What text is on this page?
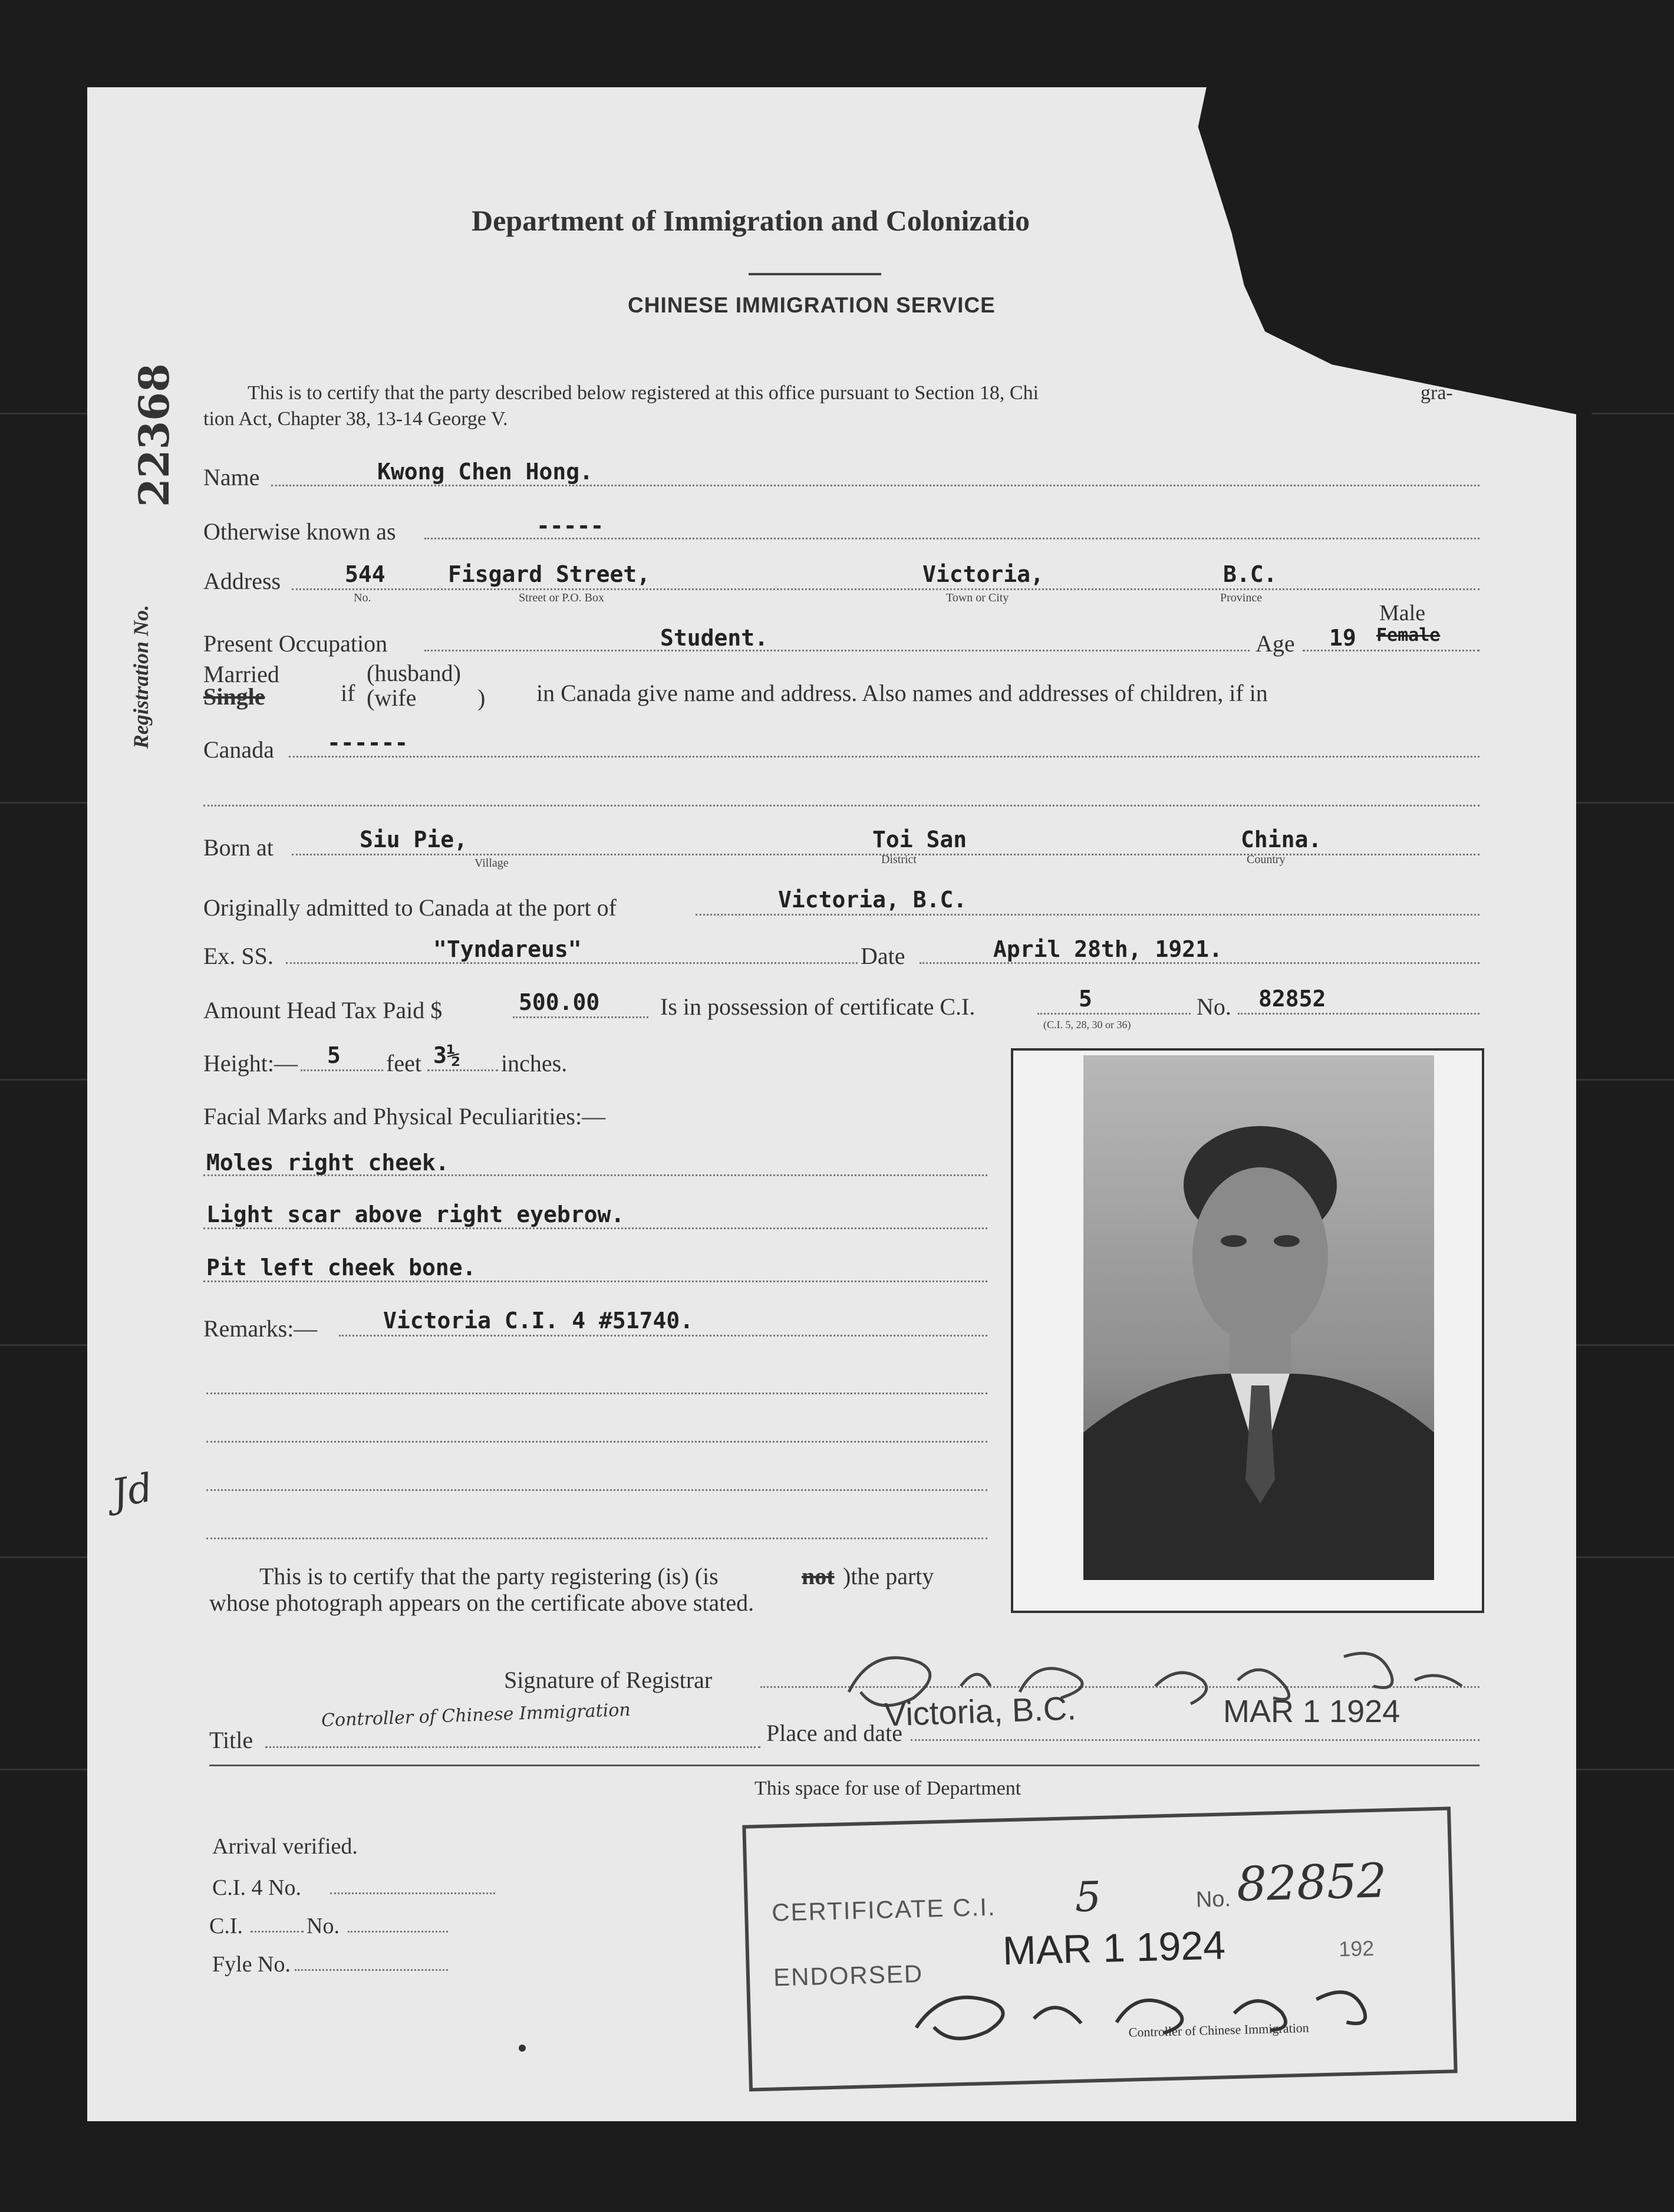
Department of Immigration and Colonizatio
CHINESE IMMIGRATION SERVICE
Registration No.
22368	This is to certify that the party described below registered at this office pursuant to Section 18, Chi	gra-
tion Act, Chapter 38, 13-14 George V.
Name	Kwong Chen Hong.
Otherwise known as	-----
Address	544	Fisgard Street,	Victoria,	B.C.
No.	Street or P.O. Box	Town or City	Province
Present Occupation	Student.	Age 19
Male
Female
Married
Single	if
(husband)
(wife	) in Canada give name and address. Also names and addresses of children, if in
Canada ------
Born at	Siu Pie,	Toi San	China.
Village	District	Country
Originally admitted to Canada at the port of	Victoria, B.C.
Ex. SS.	"Tyndareus"	Date	April 28th, 1921.
Amount Head Tax Paid $	500.00	Is in possession of certificate C.I.	5	No. 82852
(C.I. 5, 28, 30 or 36)
Height:— 5 feet 3½ inches.
Facial Marks and Physical Peculiarities:—
Moles right cheek.
Light scar above right eyebrow.
Pit left cheek bone.
Remarks:—	Victoria C.I. 4 #51740.
Jd
This is to certify that the party registering (is) (is	not )the party
whose photograph appears on the certificate above stated.
Signature of Registrar
Title
Controller of Chinese Immigration
Place and date
Victoria, B.C.	MAR 1 1924
This space for use of Department
Arrival verified.
C.I. 4 No.
C.I.	No.
Fyle No.
CERTIFICATE C.I. 5	No. 82852
ENDORSED
MAR 1 1924	192
Controller of Chinese Immigration
